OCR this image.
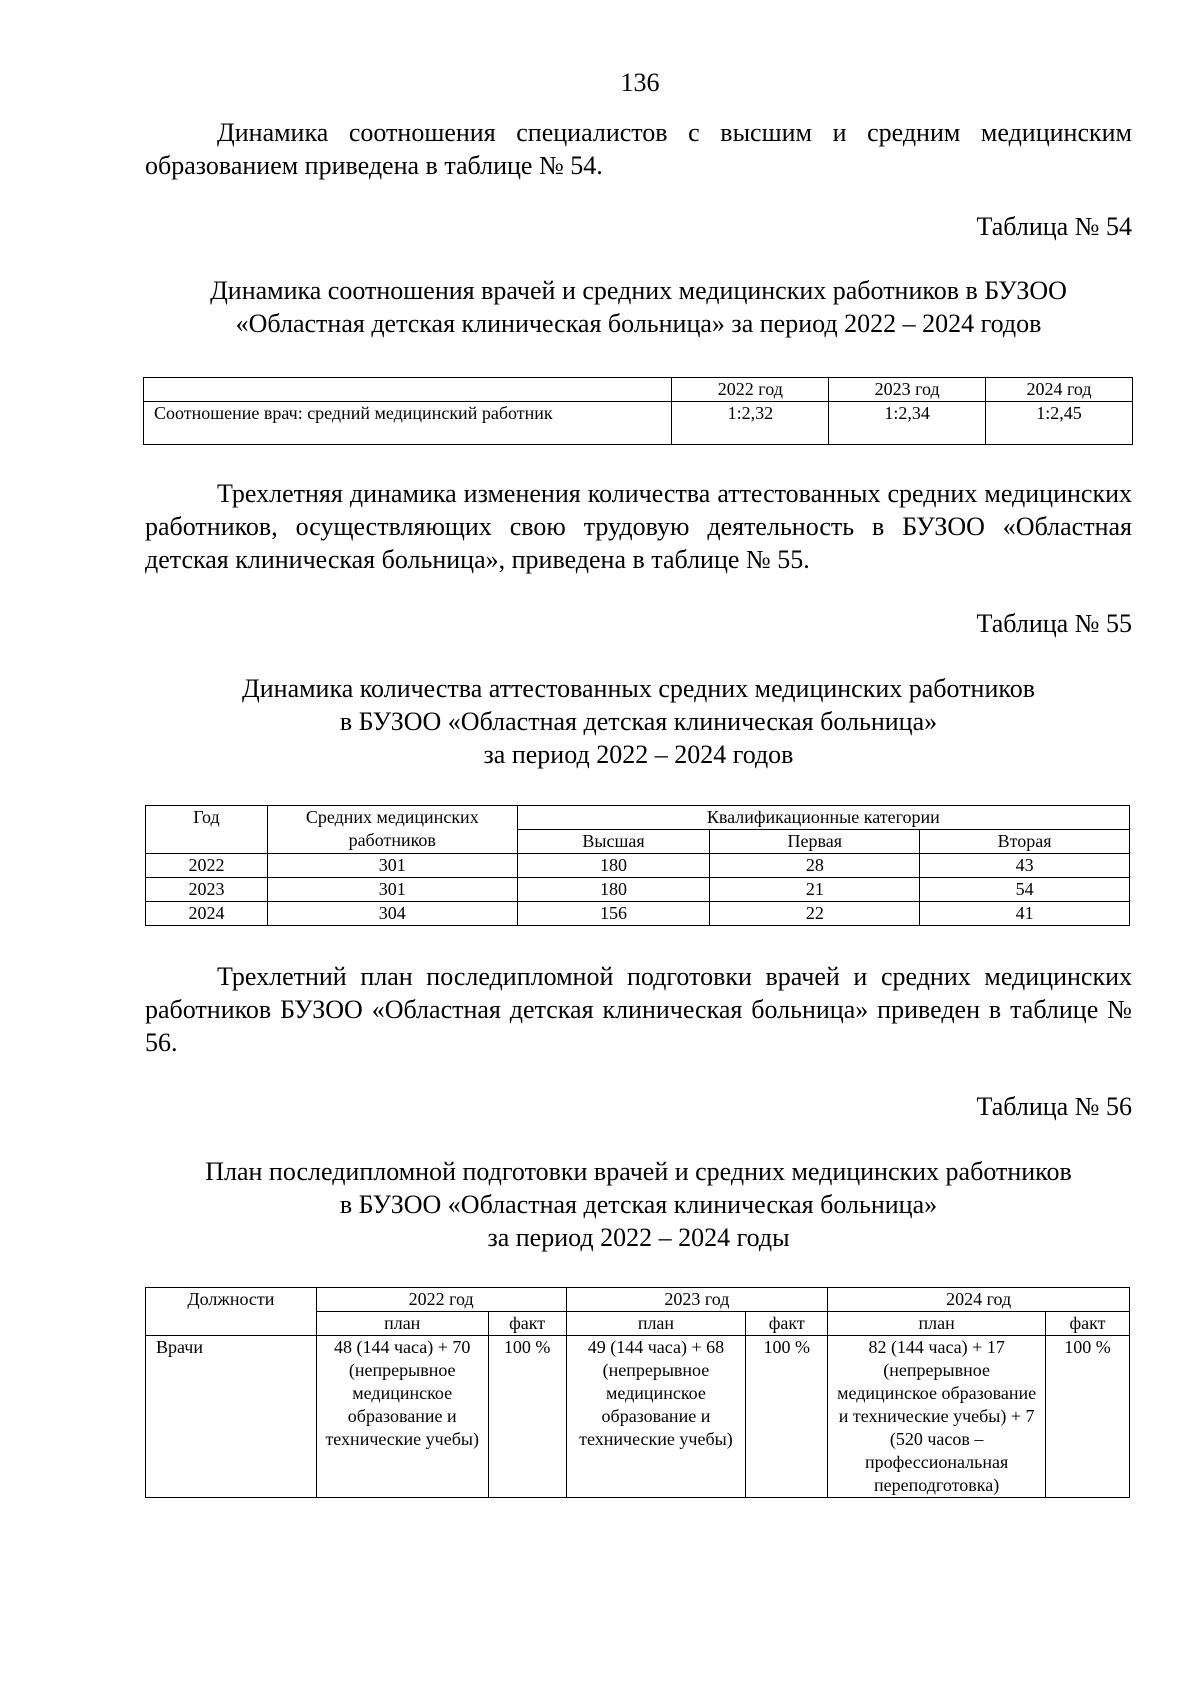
136

Динамика соотношения специалистов с высшим и средним медицинским образованием приведена в таблице № 54.

Таблица № 54
Динамика соотношения врачей и средних медицинских работников в БУЗОО
«Областная детская клиническая больница» за период 2022 – 2024 годов
	2022 год	2023 год	2024 год
Соотношение врач: средний медицинский работник	1:2,32	1:2,34	1:2,45

Трехлетняя динамика изменения количества аттестованных средних медицинских работников, осуществляющих свою трудовую деятельность в БУЗОО «Областная детская клиническая больница», приведена в таблице № 55.

Таблица № 55
Динамика количества аттестованных средних медицинских работников
в БУЗОО «Областная детская клиническая больница»
за период 2022 – 2024 годов
Год	Средних медицинских работников	Квалификационные категории		
		Высшая	Первая	Вторая
2022	301	180	28	43
2023	301	180	21	54
2024	304	156	22	41

Трехлетний план последипломной подготовки врачей и средних медицинских работников БУЗОО «Областная детская клиническая больница» приведен в таблице № 56.

Таблица № 56
План последипломной подготовки врачей и средних медицинских работников
в БУЗОО «Областная детская клиническая больница»
за период 2022 – 2024 годы
Должности	2022 год		2023 год		2024 год	
	план	факт	план	факт	план	факт
Врачи	48 (144 часа) + 70 (непрерывное медицинское образование и технические учебы)	100 %	49 (144 часа) + 68 (непрерывное медицинское образование и технические учебы)	100 %	82 (144 часа) + 17 (непрерывное медицинское образование и технические учебы) + 7 (520 часов – профессиональная переподготовка)	100 %
